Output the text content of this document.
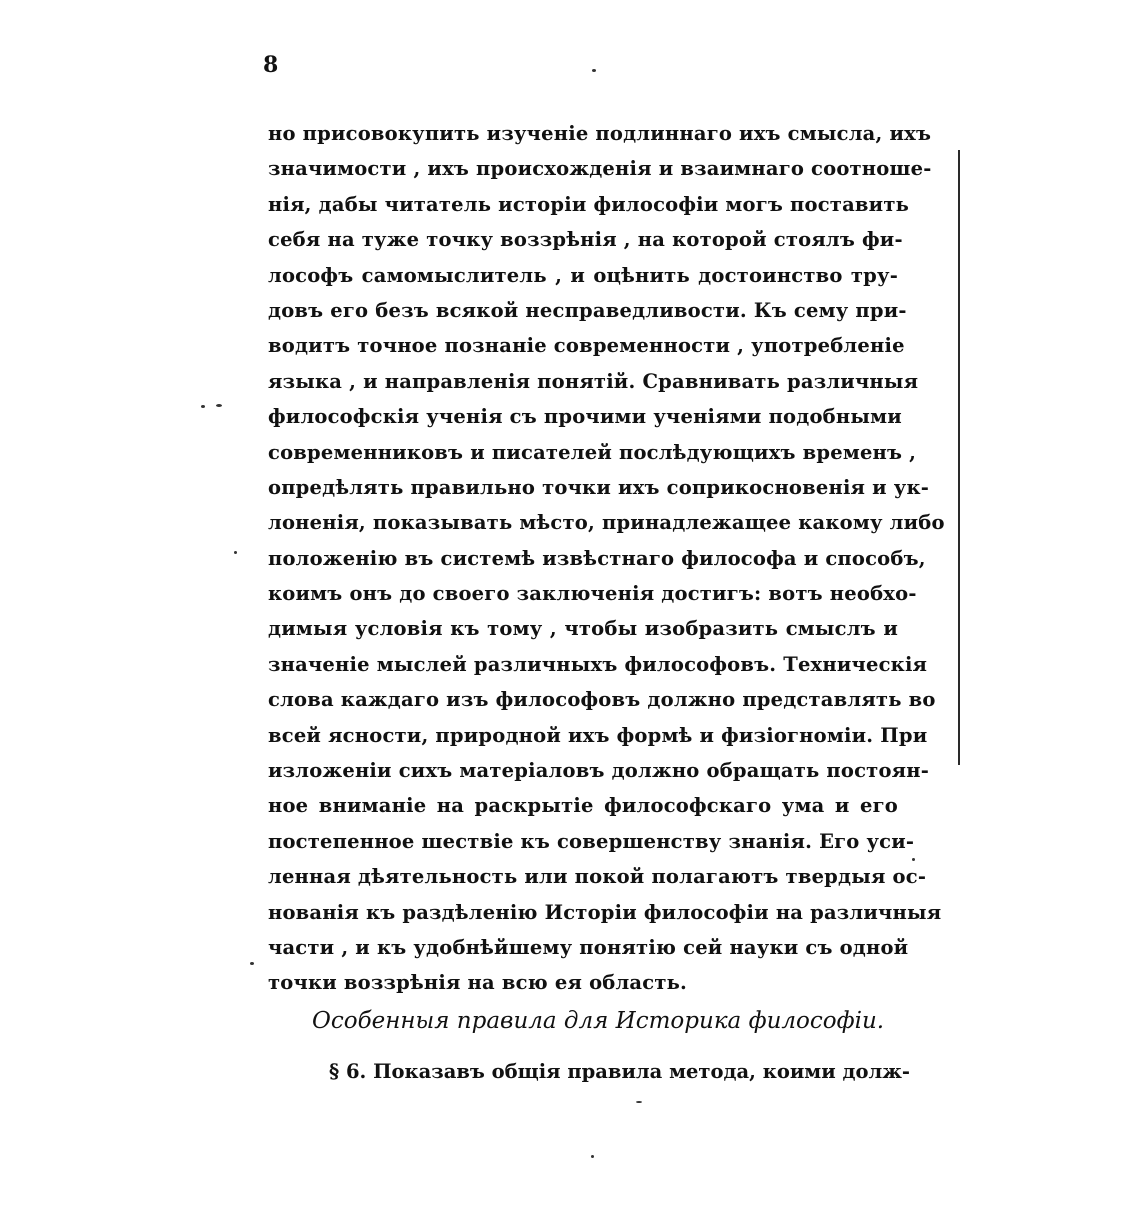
8
но присовокупить изученіе подлиннаго ихъ смысла, ихъ
значимости , ихъ происхожденія и взаимнаго соотноше-
нія, дабы читатель исторіи философіи могъ поставить
себя на туже точку воззрѣнія , на которой стоялъ фи-
лософъ самомыслитель , и оцѣнить достоинство тру-
довъ его безъ всякой несправедливости. Къ сему при-
водитъ точное познаніе современности , употребленіе
языка , и направленія понятій. Сравнивать различныя
философскія ученія съ прочими ученіями подобными
современниковъ и писателей послѣдующихъ временъ ,
опредѣлять правильно точки ихъ соприкосновенія и ук-
лоненія, показывать мѣсто, принадлежащее какому либо
положенію въ системѣ извѣстнаго философа и способъ,
коимъ онъ до своего заключенія достигъ: вотъ необхо-
димыя условія къ тому , чтобы изобразить смыслъ и
значеніе мыслей различныхъ философовъ. Техническія
слова каждаго изъ философовъ должно представлять во
всей ясности, природной ихъ формѣ и физіогноміи. При
изложеніи сихъ матеріаловъ должно обращать постоян-
ное вниманіе на раскрытіе философскаго ума и его
постепенное шествіе къ совершенству знанія. Его уси-
ленная дѣятельность или покой полагаютъ твердыя ос-
нованія къ раздѣленію Исторіи философіи на различныя
части , и къ удобнѣйшему понятію сей науки съ одной
точки воззрѣнія на всю ея область.
Особенныя правила для Историка философіи.
§ 6. Показавъ общія правила метода, коими долж-
